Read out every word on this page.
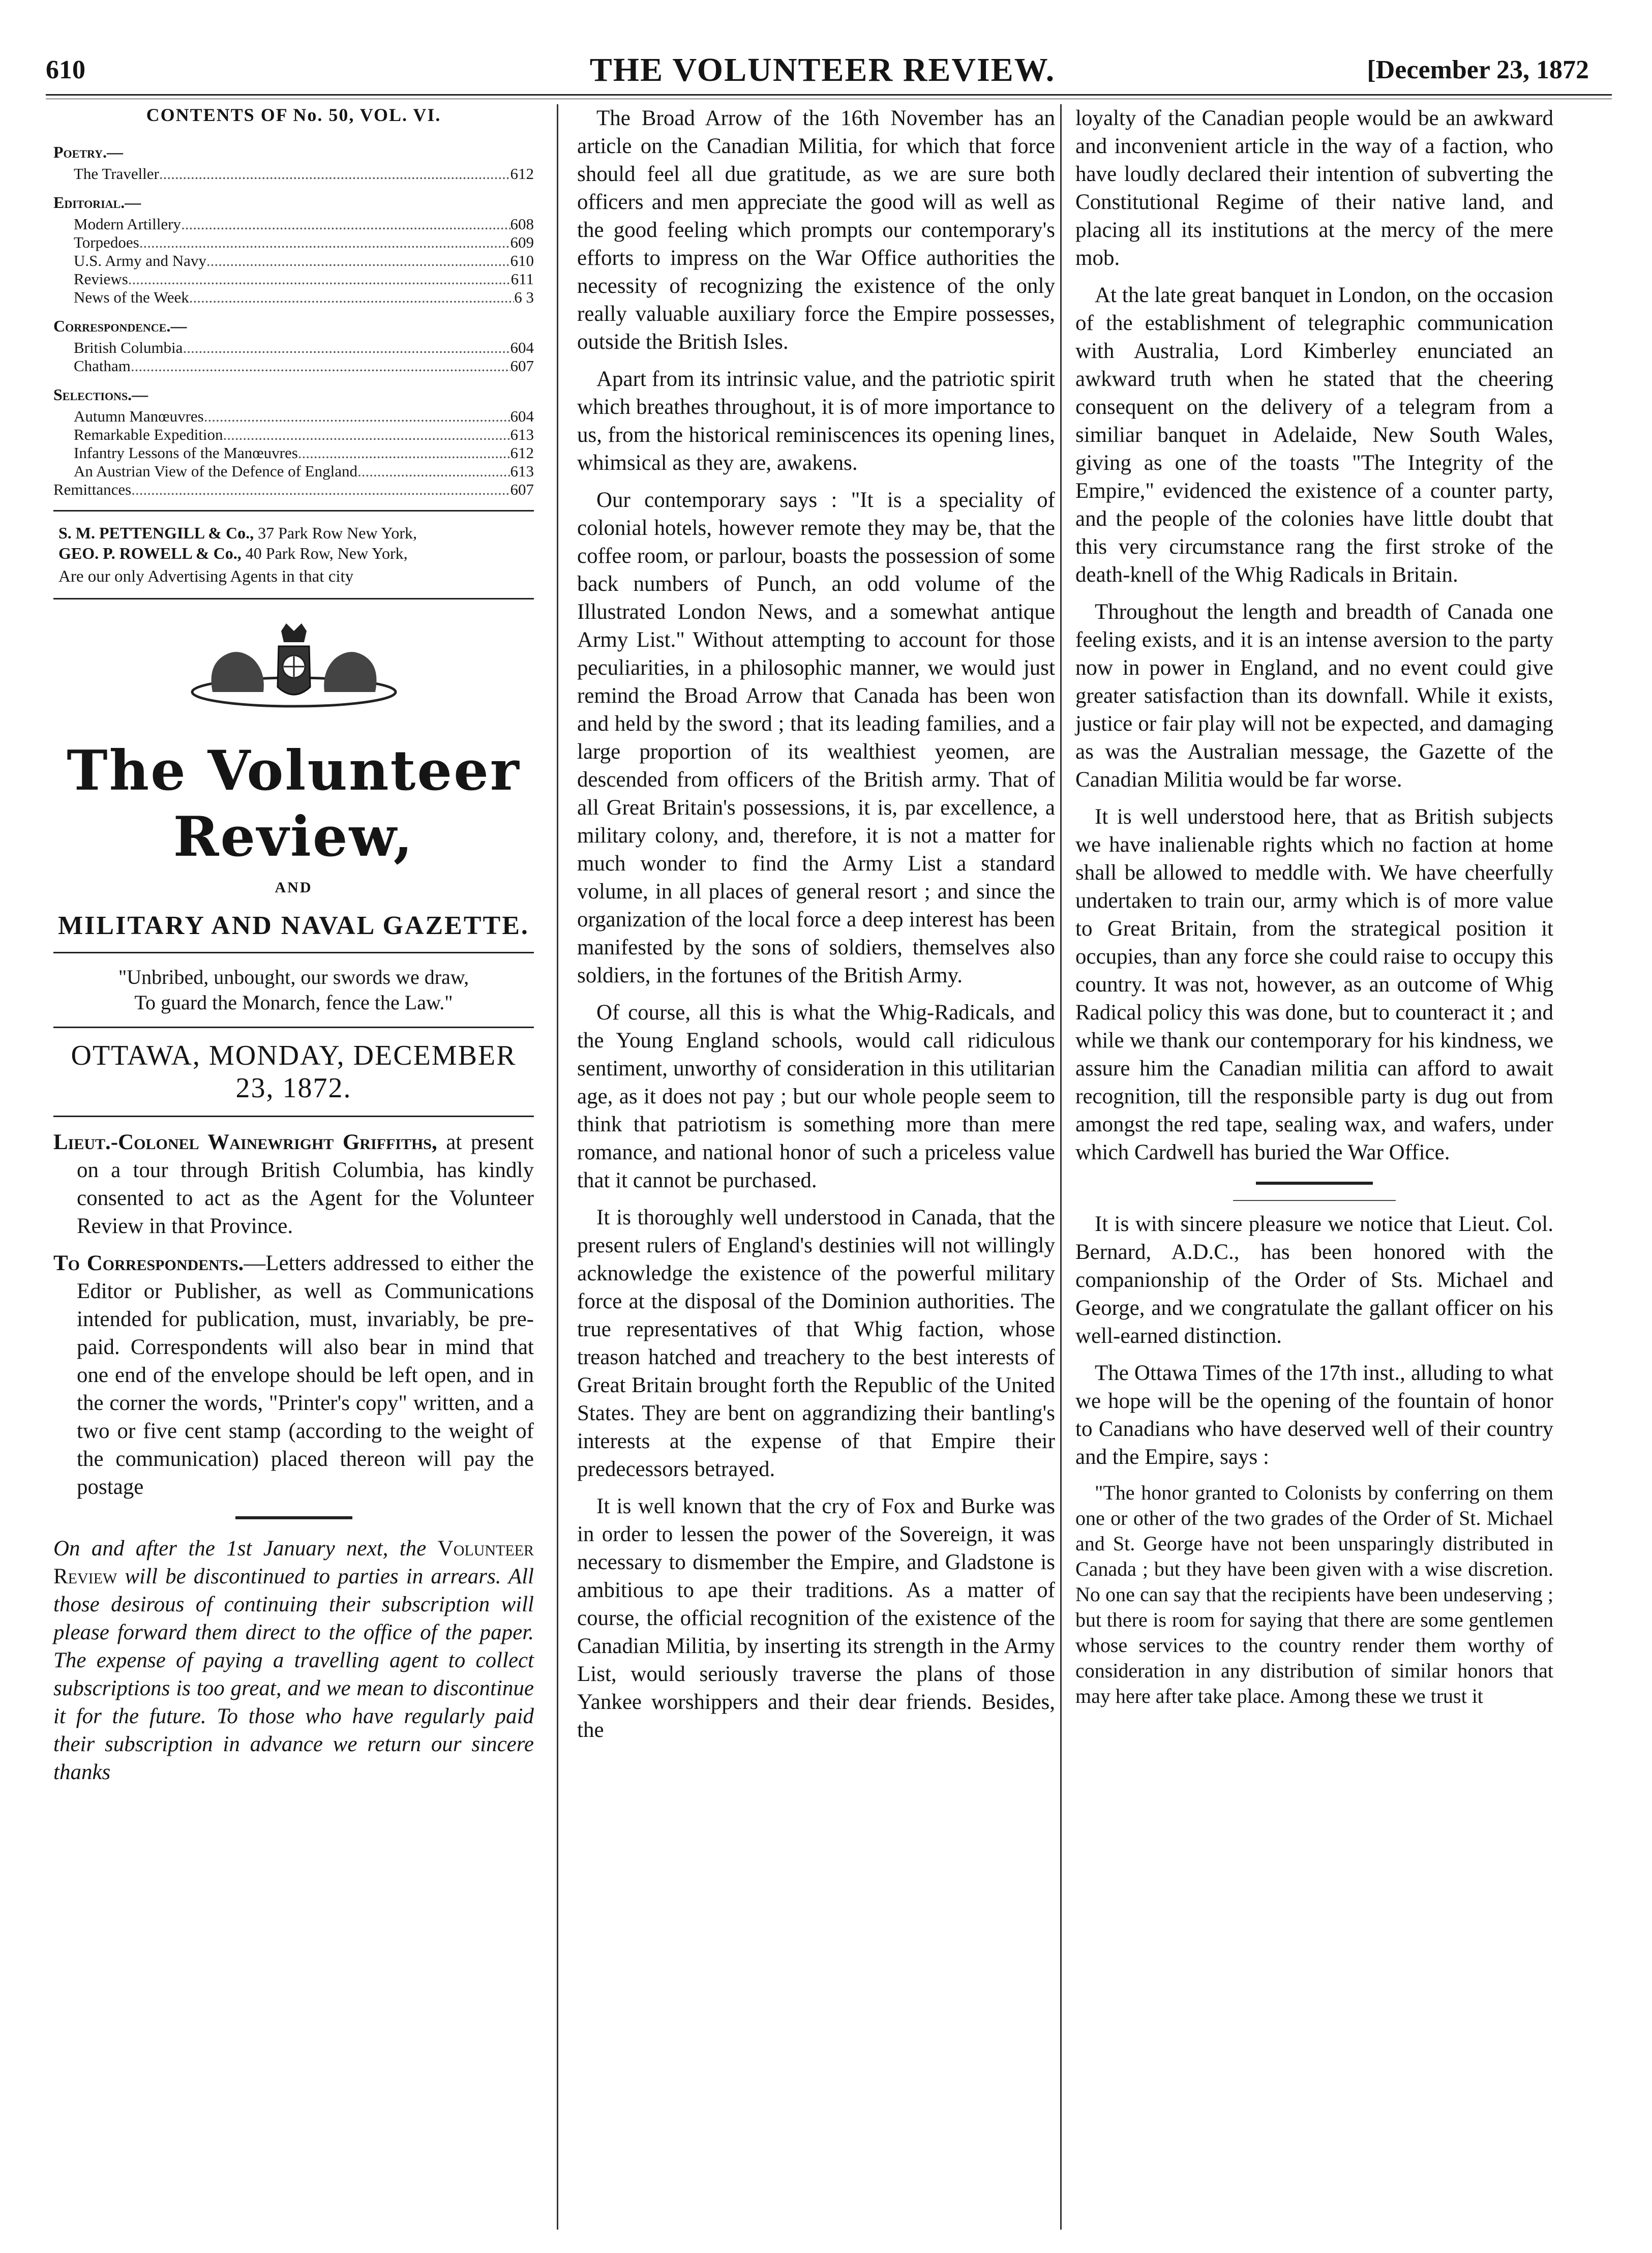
610	THE VOLUNTEER REVIEW.	[December 23, 1872
CONTENTS OF No. 50, VOL. VI.
Poetry.—
The Traveller .....	612
Editorial.—
Modern Artillery .....	608
Torpedoes .....	609
U.S. Army and Navy .....	610
Reviews .....	611
News of the Week .....	6 3
Correspondence.—
British Columbia .....	604
Chatham .....	607
Selections.—
Autumn Manœuvres .....	604
Remarkable Expedition .....	613
Infantry Lessons of the Manœuvres .....	612
An Austrian View of the Defence of England .....	613
Remittances .....	607
S. M. PETTENGILL & Co., 37 Park Row New York,
GEO. P. ROWELL & Co., 40 Park Row, New York,
Are our only Advertising Agents in that city
The Volunteer Review,
AND
MILITARY AND NAVAL GAZETTE.
"Unbribed, unbought, our swords we draw,
To guard the Monarch, fence the Law."
OTTAWA, MONDAY, DECEMBER 23, 1872.

Lieut.-Colonel Wainewright Griffiths, at present on a tour through British Columbia, has kindly consented to act as the Agent for the Volunteer Review in that Province.

To Correspondents.—Letters addressed to either the Editor or Publisher, as well as Communications intended for publication, must, invariably, be pre-paid. Correspondents will also bear in mind that one end of the envelope should be left open, and in the corner the words, "Printer's copy" written, and a two or five cent stamp (according to the weight of the communication) placed thereon will pay the postage

On and after the 1st January next, the Volunteer Review will be discontinued to parties in arrears. All those desirous of continuing their subscription will please forward them direct to the office of the paper. The expense of paying a travelling agent to collect subscriptions is too great, and we mean to discontinue it for the future. To those who have regularly paid their subscription in advance we return our sincere thanks

The Broad Arrow of the 16th November has an article on the Canadian Militia, for which that force should feel all due gratitude, as we are sure both officers and men appreciate the good will as well as the good feeling which prompts our contemporary's efforts to impress on the War Office authorities the necessity of recognizing the existence of the only really valuable auxiliary force the Empire possesses, outside the British Isles.

Apart from its intrinsic value, and the patriotic spirit which breathes throughout, it is of more importance to us, from the historical reminiscences its opening lines, whimsical as they are, awakens.

Our contemporary says : "It is a speciality of colonial hotels, however remote they may be, that the coffee room, or parlour, boasts the possession of some back numbers of Punch, an odd volume of the Illustrated London News, and a somewhat antique Army List." Without attempting to account for those peculiarities, in a philosophic manner, we would just remind the Broad Arrow that Canada has been won and held by the sword ; that its leading families, and a large proportion of its wealthiest yeomen, are descended from officers of the British army. That of all Great Britain's possessions, it is, par excellence, a military colony, and, therefore, it is not a matter for much wonder to find the Army List a standard volume, in all places of general resort ; and since the organization of the local force a deep interest has been manifested by the sons of soldiers, themselves also soldiers, in the fortunes of the British Army.

Of course, all this is what the Whig-Radicals, and the Young England schools, would call ridiculous sentiment, unworthy of consideration in this utilitarian age, as it does not pay ; but our whole people seem to think that patriotism is something more than mere romance, and national honor of such a priceless value that it cannot be purchased.

It is thoroughly well understood in Canada, that the present rulers of England's destinies will not willingly acknowledge the existence of the powerful military force at the disposal of the Dominion authorities. The true representatives of that Whig faction, whose treason hatched and treachery to the best interests of Great Britain brought forth the Republic of the United States. They are bent on aggrandizing their bantling's interests at the expense of that Empire their predecessors betrayed.

It is well known that the cry of Fox and Burke was in order to lessen the power of the Sovereign, it was necessary to dismember the Empire, and Gladstone is ambitious to ape their traditions. As a matter of course, the official recognition of the existence of the Canadian Militia, by inserting its strength in the Army List, would seriously traverse the plans of those Yankee worshippers and their dear friends. Besides, the

loyalty of the Canadian people would be an awkward and inconvenient article in the way of a faction, who have loudly declared their intention of subverting the Constitutional Regime of their native land, and placing all its institutions at the mercy of the mere mob.

At the late great banquet in London, on the occasion of the establishment of telegraphic communication with Australia, Lord Kimberley enunciated an awkward truth when he stated that the cheering consequent on the delivery of a telegram from a similiar banquet in Adelaide, New South Wales, giving as one of the toasts "The Integrity of the Empire," evidenced the existence of a counter party, and the people of the colonies have little doubt that this very circumstance rang the first stroke of the death-knell of the Whig Radicals in Britain.

Throughout the length and breadth of Canada one feeling exists, and it is an intense aversion to the party now in power in England, and no event could give greater satisfaction than its downfall. While it exists, justice or fair play will not be expected, and damaging as was the Australian message, the Gazette of the Canadian Militia would be far worse.

It is well understood here, that as British subjects we have inalienable rights which no faction at home shall be allowed to meddle with. We have cheerfully undertaken to train our, army which is of more value to Great Britain, from the strategical position it occupies, than any force she could raise to occupy this country. It was not, however, as an outcome of Whig Radical policy this was done, but to counteract it ; and while we thank our contemporary for his kindness, we assure him the Canadian militia can afford to await recognition, till the responsible party is dug out from amongst the red tape, sealing wax, and wafers, under which Cardwell has buried the War Office.

It is with sincere pleasure we notice that Lieut. Col. Bernard, A.D.C., has been honored with the companionship of the Order of Sts. Michael and George, and we congratulate the gallant officer on his well-earned distinction.

The Ottawa Times of the 17th inst., alluding to what we hope will be the opening of the fountain of honor to Canadians who have deserved well of their country and the Empire, says :

"The honor granted to Colonists by conferring on them one or other of the two grades of the Order of St. Michael and St. George have not been unsparingly distributed in Canada ; but they have been given with a wise discretion. No one can say that the recipients have been undeserving ; but there is room for saying that there are some gentlemen whose services to the country render them worthy of consideration in any distribution of similar honors that may here after take place. Among these we trust it
